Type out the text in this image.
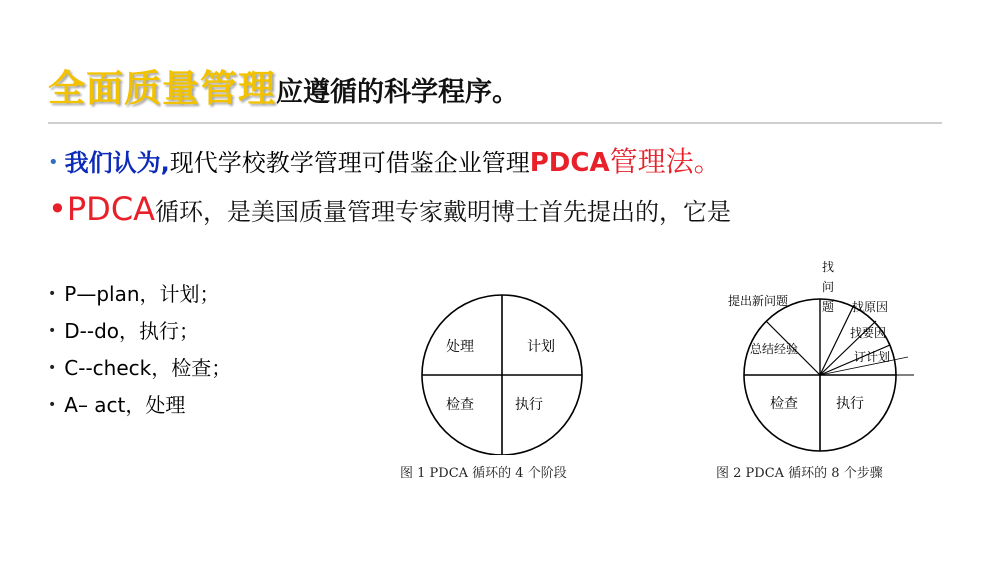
全面质量管理应遵循的科学程序。
• 我们认为,现代学校教学管理可借鉴企业管理PDCA管理法。
•PDCA循环，是美国质量管理专家戴明博士首先提出的，它是
• P—plan，计划；
• D--do，执行；
• C--check，检查；
• A– act，处理
处理	计划
检查	执行
图 1 PDCA 循环的 4 个阶段
找
问
题
提出新问题	找原因
找要因
订计划
总结经验
检查	执行
图 2 PDCA 循环的 8 个步骤
